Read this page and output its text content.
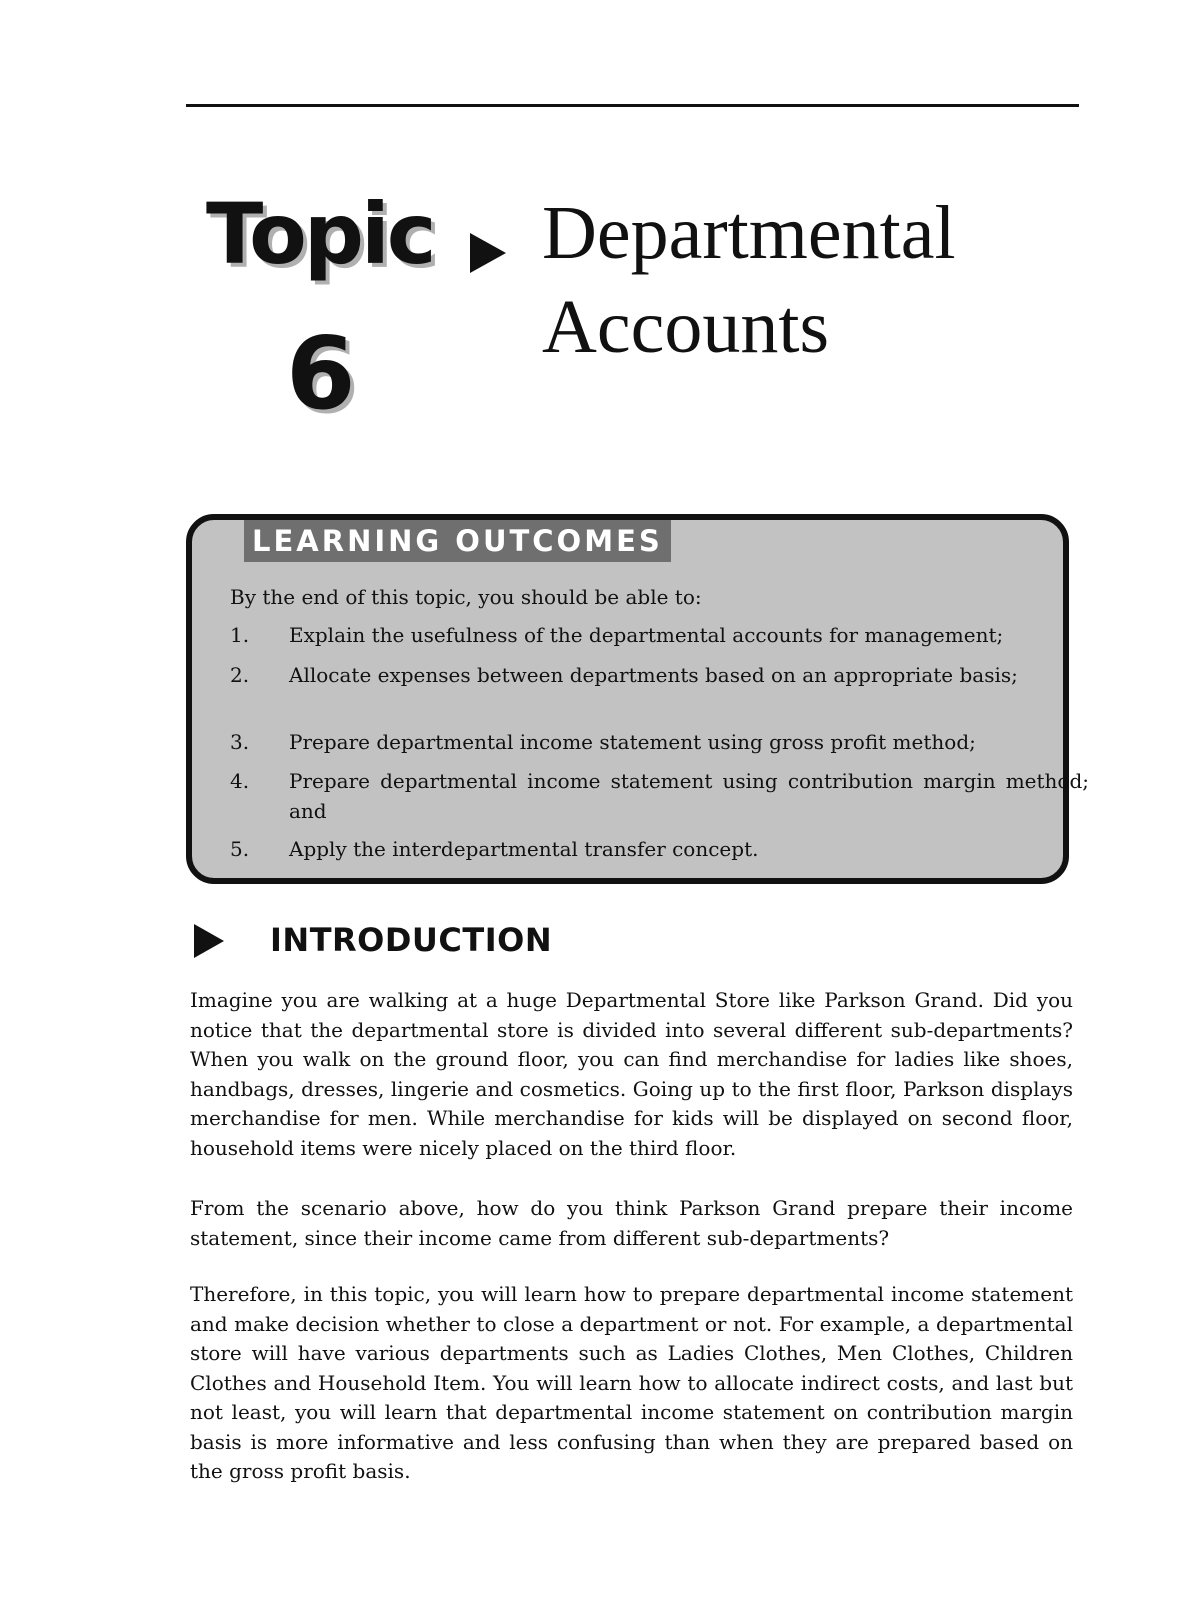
Topic
6
Departmental
Accounts
LEARNING OUTCOMES
By the end of this topic, you should be able to:
1.	Explain the usefulness of the departmental accounts for management;
2.	Allocate expenses between departments based on an appropriate basis;
3.	Prepare departmental income statement using gross profit method;
4.	Prepare departmental income statement using contribution margin method; and
5.	Apply the interdepartmental transfer concept.
INTRODUCTION

Imagine you are walking at a huge Departmental Store like Parkson Grand. Did you notice that the departmental store is divided into several different sub-departments? When you walk on the ground floor, you can find merchandise for ladies like shoes, handbags, dresses, lingerie and cosmetics. Going up to the first floor, Parkson displays merchandise for men. While merchandise for kids will be displayed on second floor, household items were nicely placed on the third floor.

From the scenario above, how do you think Parkson Grand prepare their income statement, since their income came from different sub-departments?

Therefore, in this topic, you will learn how to prepare departmental income statement and make decision whether to close a department or not. For example, a departmental store will have various departments such as Ladies Clothes, Men Clothes, Children Clothes and Household Item. You will learn how to allocate indirect costs, and last but not least, you will learn that departmental income statement on contribution margin basis is more informative and less confusing than when they are prepared based on the gross profit basis.
